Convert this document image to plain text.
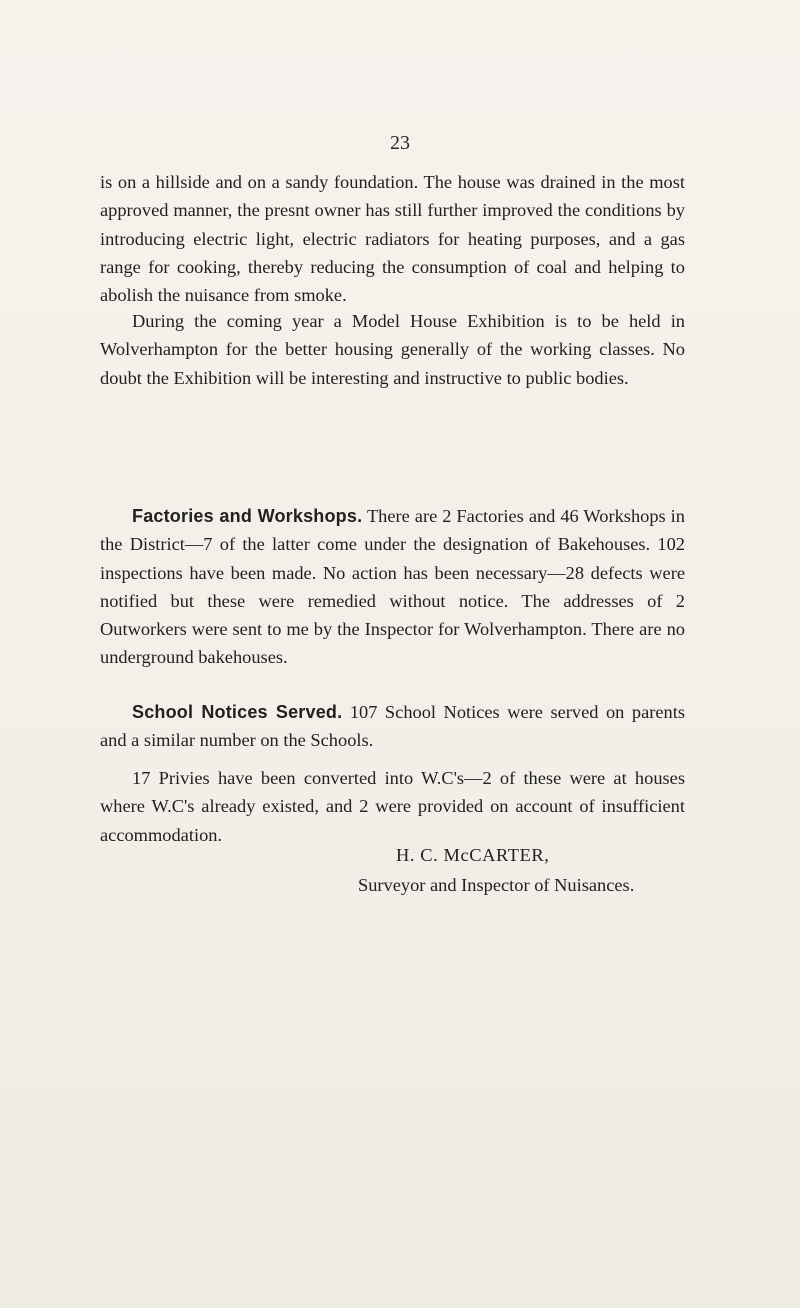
23

is on a hillside and on a sandy foundation. The house was drained in the most approved manner, the presnt owner has still further improved the conditions by introducing electric light, electric radiators for heating purposes, and a gas range for cooking, thereby reducing the consumption of coal and helping to abolish the nuisance from smoke.

During the coming year a Model House Exhibition is to be held in Wolverhampton for the better housing generally of the working classes. No doubt the Exhibition will be interesting and instructive to public bodies.

Factories and Workshops. There are 2 Factories and 46 Workshops in the District—7 of the latter come under the designation of Bakehouses. 102 inspections have been made. No action has been necessary—28 defects were notified but these were remedied without notice. The addresses of 2 Outworkers were sent to me by the Inspector for Wolverhampton. There are no underground bakehouses.

School Notices Served. 107 School Notices were served on parents and a similar number on the Schools.

17 Privies have been converted into W.C's—2 of these were at houses where W.C's already existed, and 2 were provided on account of insufficient accommodation.

H. C. McCARTER,
Surveyor and Inspector of Nuisances.
